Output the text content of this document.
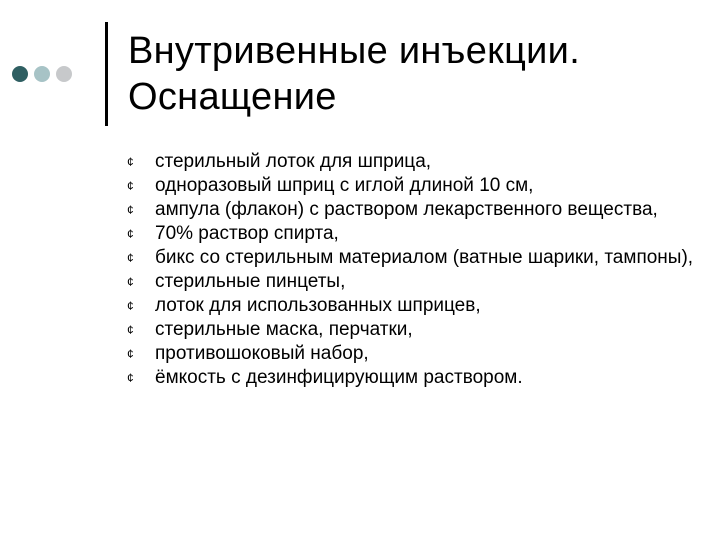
Внутривенные инъекции.
Оснащение
¢	стерильный лоток для шприца,
¢	одноразовый шприц с иглой длиной 10 см,
¢	ампула (флакон) с раствором лекарственного вещества,
¢	70% раствор спирта,
¢	бикс со стерильным материалом (ватные шарики, тампоны),
¢	стерильные пинцеты,
¢	лоток для использованных шприцев,
¢	стерильные маска, перчатки,
¢	противошоковый набор,
¢	ёмкость с дезинфицирующим раствором.
